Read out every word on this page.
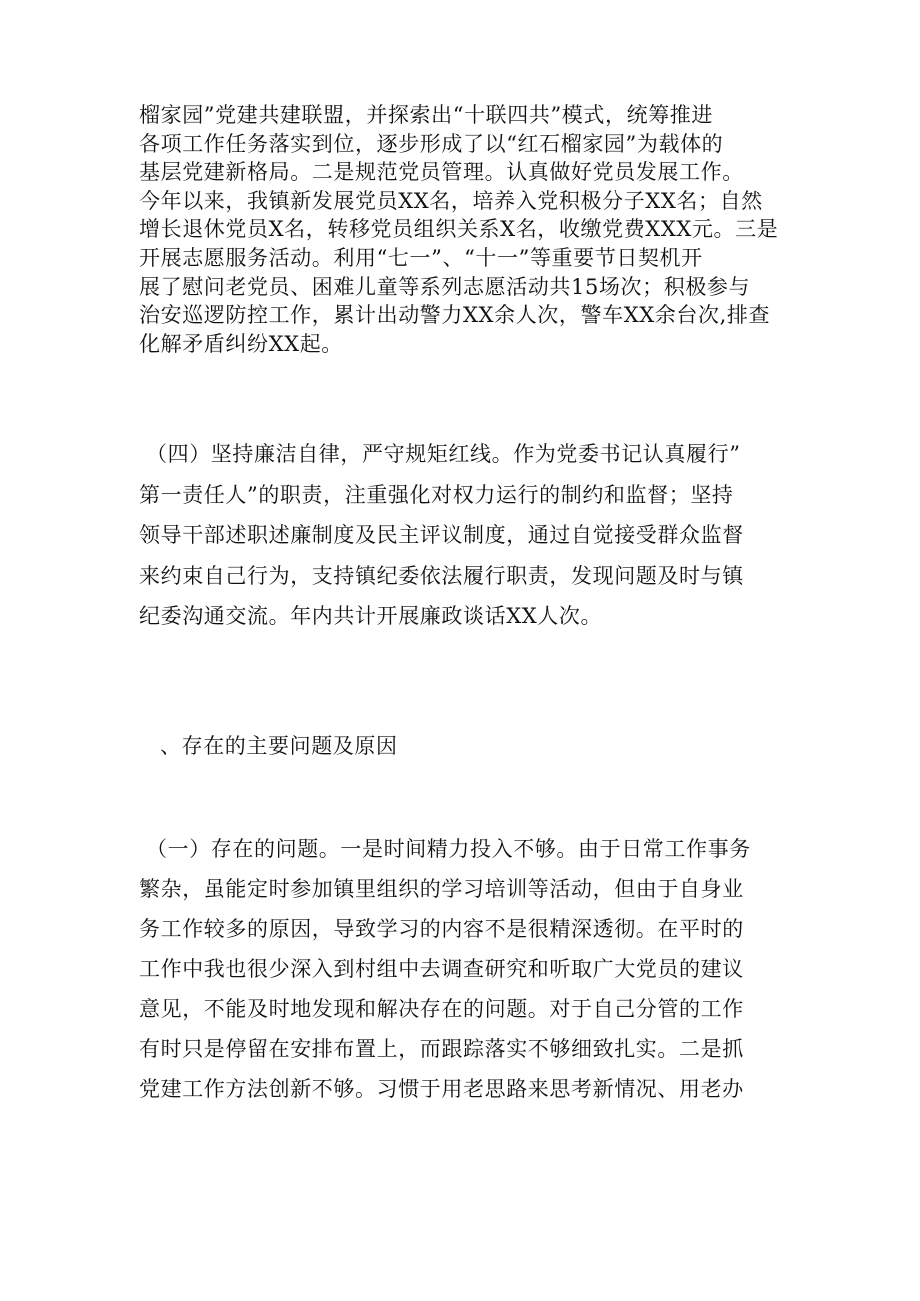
榴家园”党建共建联盟，并探索出“十联四共”模式，统筹推进
各项工作任务落实到位，逐步形成了以“红石榴家园”为载体的
基层党建新格局。二是规范党员管理。认真做好党员发展工作。
今年以来，我镇新发展党员XX名，培养入党积极分子XX名；自然
增长退休党员X名，转移党员组织关系X名，收缴党费XXX元。三是
开展志愿服务活动。利用“七一”、“十一”等重要节日契机开
展了慰问老党员、困难儿童等系列志愿活动共15场次；积极参与
治安巡逻防控工作，累计出动警力XX余人次，警车XX余台次,排查
化解矛盾纠纷XX起。
（四）坚持廉洁自律，严守规矩红线。作为党委书记认真履行”
第一责任人”的职责，注重强化对权力运行的制约和监督；坚持
领导干部述职述廉制度及民主评议制度，通过自觉接受群众监督
来约束自己行为，支持镇纪委依法履行职责，发现问题及时与镇
纪委沟通交流。年内共计开展廉政谈话XX人次。
、存在的主要问题及原因
（一）存在的问题。一是时间精力投入不够。由于日常工作事务
繁杂，虽能定时参加镇里组织的学习培训等活动，但由于自身业
务工作较多的原因，导致学习的内容不是很精深透彻。在平时的
工作中我也很少深入到村组中去调查研究和听取广大党员的建议
意见，不能及时地发现和解决存在的问题。对于自己分管的工作
有时只是停留在安排布置上，而跟踪落实不够细致扎实。二是抓
党建工作方法创新不够。习惯于用老思路来思考新情况、用老办
